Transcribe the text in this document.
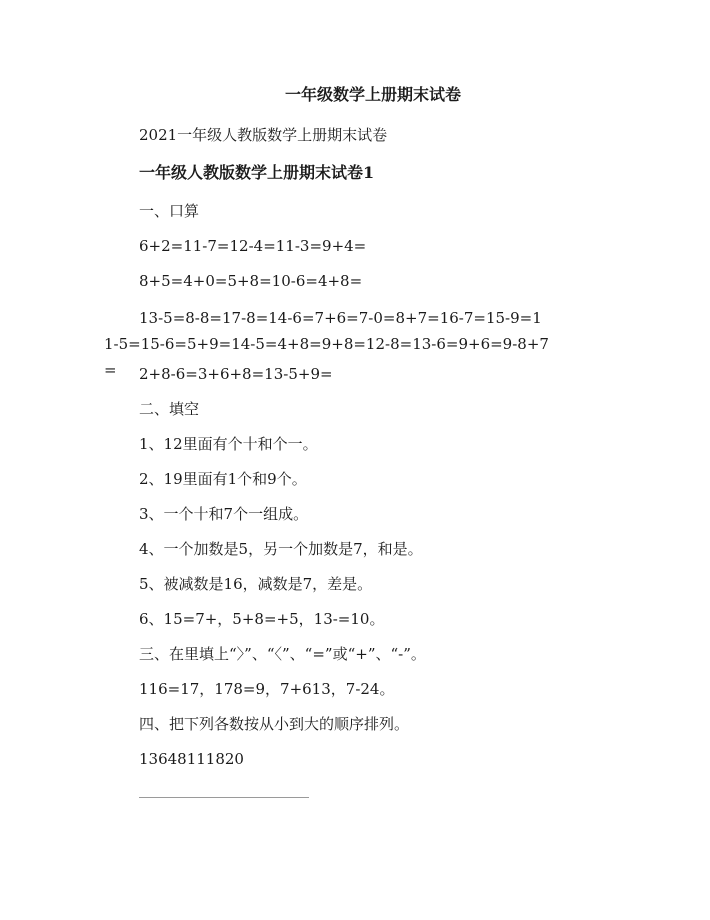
一年级数学上册期末试卷
2021一年级人教版数学上册期末试卷
一年级人教版数学上册期末试卷1
一、口算
6+2=11-7=12-4=11-3=9+4=
8+5=4+0=5+8=10-6=4+8=
13-5=8-8=17-8=14-6=7+6=7-0=8+7=16-7=15-9=11-5=15-6=5+9=14-5=4+8=9+8=12-8=13-6=9+6=9-8+7=	2+8-6=3+6+8=13-5+9=
二、填空
1、12里面有个十和个一。
2、19里面有1个和9个。
3、一个十和7个一组成。
4、一个加数是5，另一个加数是7，和是。
5、被减数是16，减数是7，差是。
6、15=7+，5+8=+5，13-=10。
三、在里填上“〉”、“〈”、“=”或“+”、“-”。
116=17，178=9，7+613，7-24。
四、把下列各数按从小到大的顺序排列。
13648111820
